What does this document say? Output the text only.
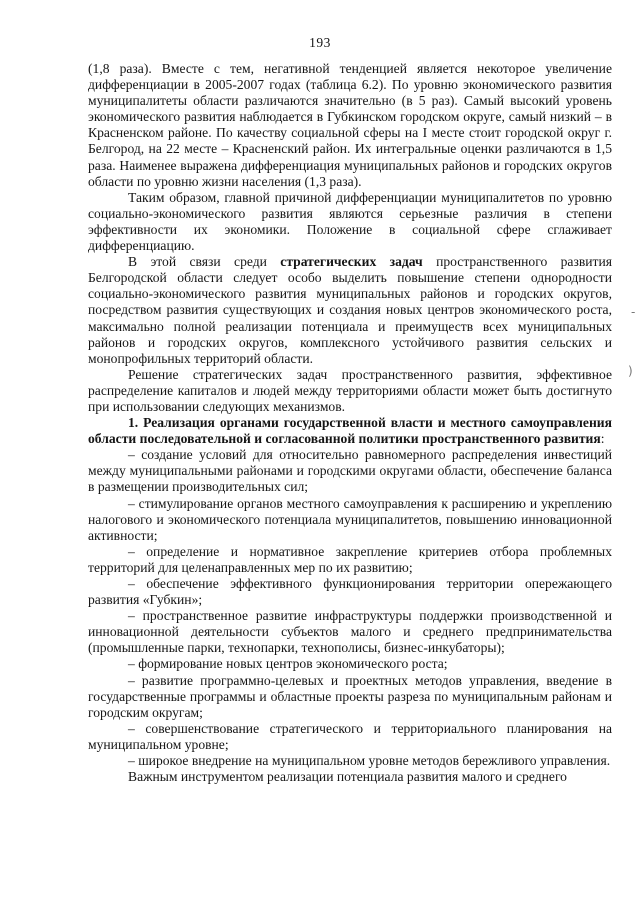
193

(1,8 раза). Вместе с тем, негативной тенденцией является некоторое увеличение дифференциации в 2005-2007 годах (таблица 6.2). По уровню экономического развития муниципалитеты области различаются значительно (в 5 раз). Самый высокий уровень экономического развития наблюдается в Губкинском городском округе, самый низкий – в Красненском районе. По качеству социальной сферы на I месте стоит городской округ г. Белгород, на 22 месте – Красненский район. Их интегральные оценки различаются в 1,5 раза. Наименее выражена дифференциация муниципальных районов и городских округов области по уровню жизни населения (1,3 раза).

Таким образом, главной причиной дифференциации муниципалитетов по уровню социально-экономического развития являются серьезные различия в степени эффективности их экономики. Положение в социальной сфере сглаживает дифференциацию.

В этой связи среди стратегических задач пространственного развития Белгородской области следует особо выделить повышение степени однородности социально-экономического развития муниципальных районов и городских округов, посредством развития существующих и создания новых центров экономического роста, максимально полной реализации потенциала и преимуществ всех муниципальных районов и городских округов, комплексного устойчивого развития сельских и монопрофильных территорий области.

Решение стратегических задач пространственного развития, эффективное распределение капиталов и людей между территориями области может быть достигнуто при использовании следующих механизмов.

1. Реализация органами государственной власти и местного самоуправления области последовательной и согласованной политики пространственного развития:

– создание условий для относительно равномерного распределения инвестиций между муниципальными районами и городскими округами области, обеспечение баланса в размещении производительных сил;

– стимулирование органов местного самоуправления к расширению и укреплению налогового и экономического потенциала муниципалитетов, повышению инновационной активности;

– определение и нормативное закрепление критериев отбора проблемных территорий для целенаправленных мер по их развитию;

– обеспечение эффективного функционирования территории опережающего развития «Губкин»;

– пространственное развитие инфраструктуры поддержки производственной и инновационной деятельности субъектов малого и среднего предпринимательства (промышленные парки, технопарки, технополисы, бизнес-инкубаторы);

– формирование новых центров экономического роста;

– развитие программно-целевых и проектных методов управления, введение в государственные программы и областные проекты разреза по муниципальным районам и городским округам;

– совершенствование стратегического и территориального планирования на муниципальном уровне;

– широкое внедрение на муниципальном уровне методов бережливого управления.

Важным инструментом реализации потенциала развития малого и среднего

-
)
